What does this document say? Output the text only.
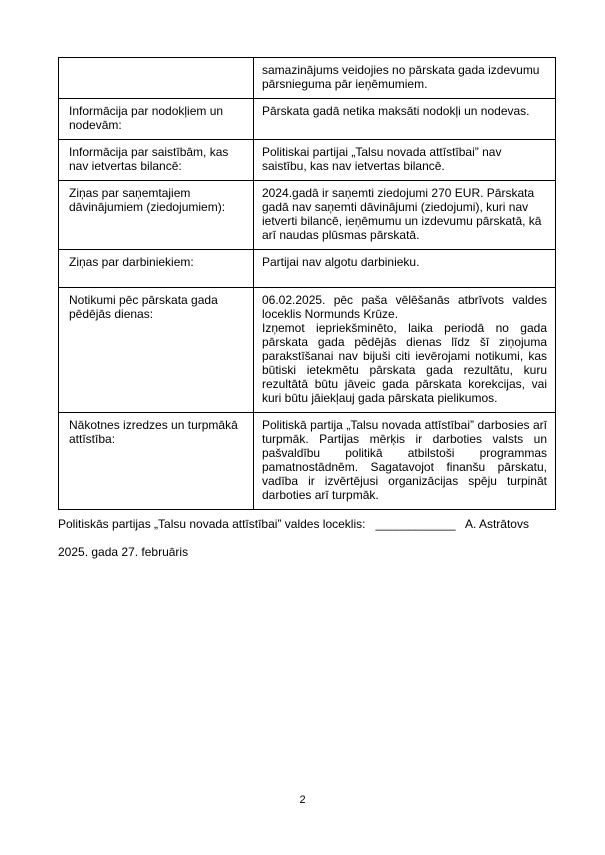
	samazinājums veidojies no pārskata gada izdevumu pārsnieguma pār ieņēmumiem.
Informācija par nodokļiem un nodevām:	Pārskata gadā netika maksāti nodokļi un nodevas.
Informācija par saistībām, kas nav ietvertas bilancē:	Politiskai partijai „Talsu novada attīstībai” nav saistību, kas nav ietvertas bilancē.
Ziņas par saņemtajiem dāvinājumiem (ziedojumiem):	2024.gadā ir saņemti ziedojumi 270 EUR. Pārskata gadā nav saņemti dāvinājumi (ziedojumi), kuri nav ietverti bilancē, ieņēmumu un izdevumu pārskatā, kā arī naudas plūsmas pārskatā.
Ziņas par darbiniekiem:	Partijai nav algotu darbinieku.
Notikumi pēc pārskata gada pēdējās dienas:	06.02.2025. pēc paša vēlēšanās atbrīvots valdes loceklis Normunds Krūze.

Izņemot iepriekšminēto, laika periodā no gada pārskata gada pēdējās dienas līdz šī ziņojuma parakstīšanai nav bijuši citi ievērojami notikumi, kas būtiski ietekmētu pārskata gada rezultātu, kuru rezultātā būtu jāveic gada pārskata korekcijas, vai kuri būtu jāiekļauj gada pārskata pielikumos.

Nākotnes izredzes un turpmākā attīstība:	Politiskā partija „Talsu novada attīstībai” darbosies arī turpmāk. Partijas mērķis ir darboties valsts un pašvaldību politikā atbilstoši programmas pamatnostādnēm. Sagatavojot finanšu pārskatu, vadība ir izvērtējusi organizācijas spēju turpināt darboties arī turpmāk.
Politiskās partijas „Talsu novada attīstībai” valdes loceklis: ____________ A. Astrātovs
2025. gada 27. februāris
2
